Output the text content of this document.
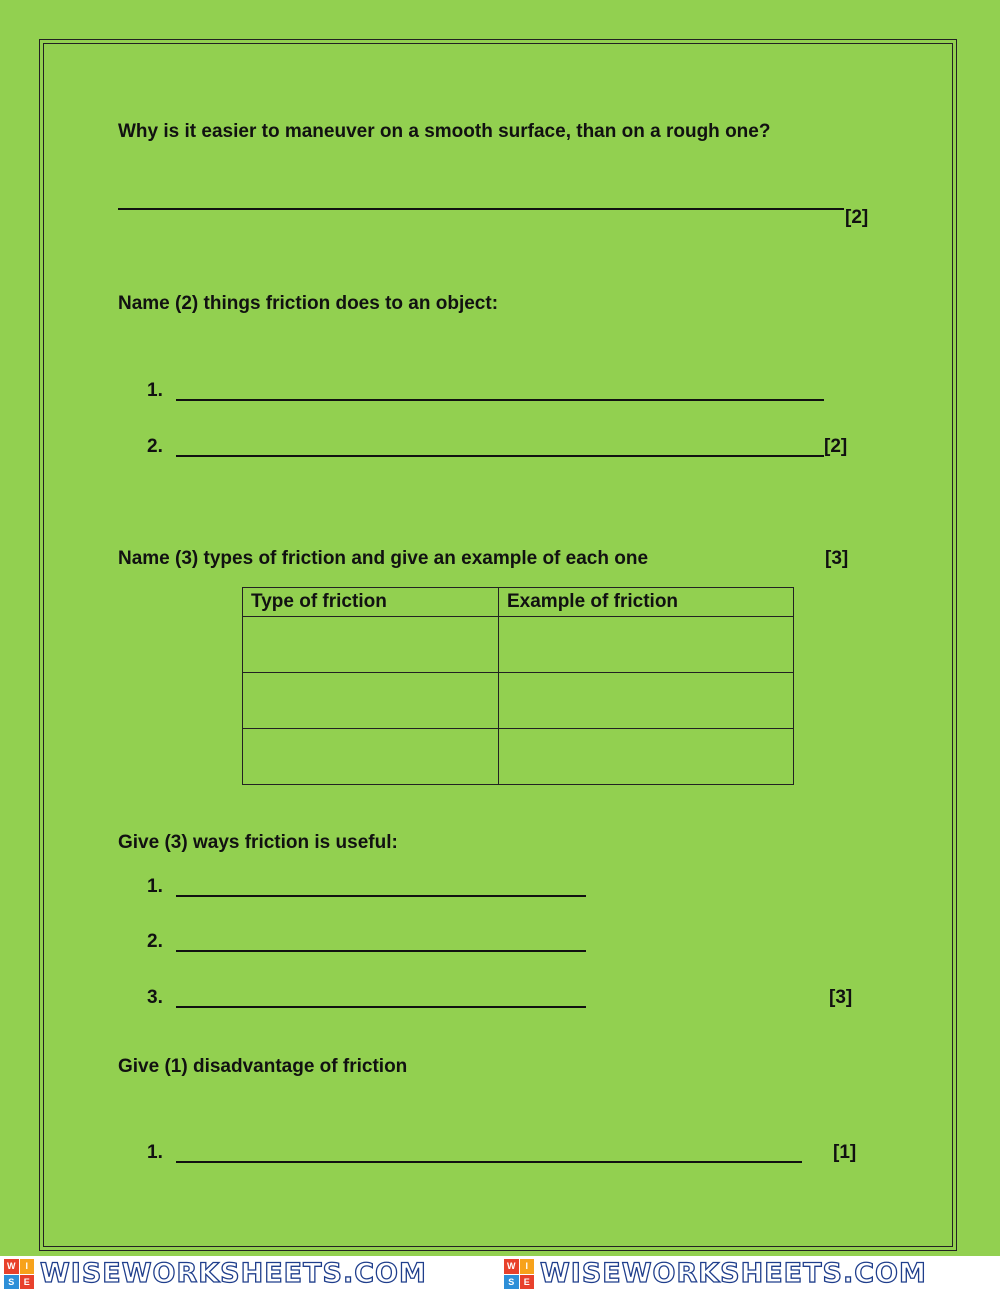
Why is it easier to maneuver on a smooth surface, than on a rough one?
[2]
Name (2) things friction does to an object:
1.
2.	[2]
Name (3) types of friction and give an example of each one	[3]
Type of friction	Example of friction

Give (3) ways friction is useful:
1.
2.
3.	[3]
Give (1) disadvantage of friction
1.	[1]
W	I
S	E WISEWORKSHEETS.COM	W	I
S	E WISEWORKSHEETS.COM
